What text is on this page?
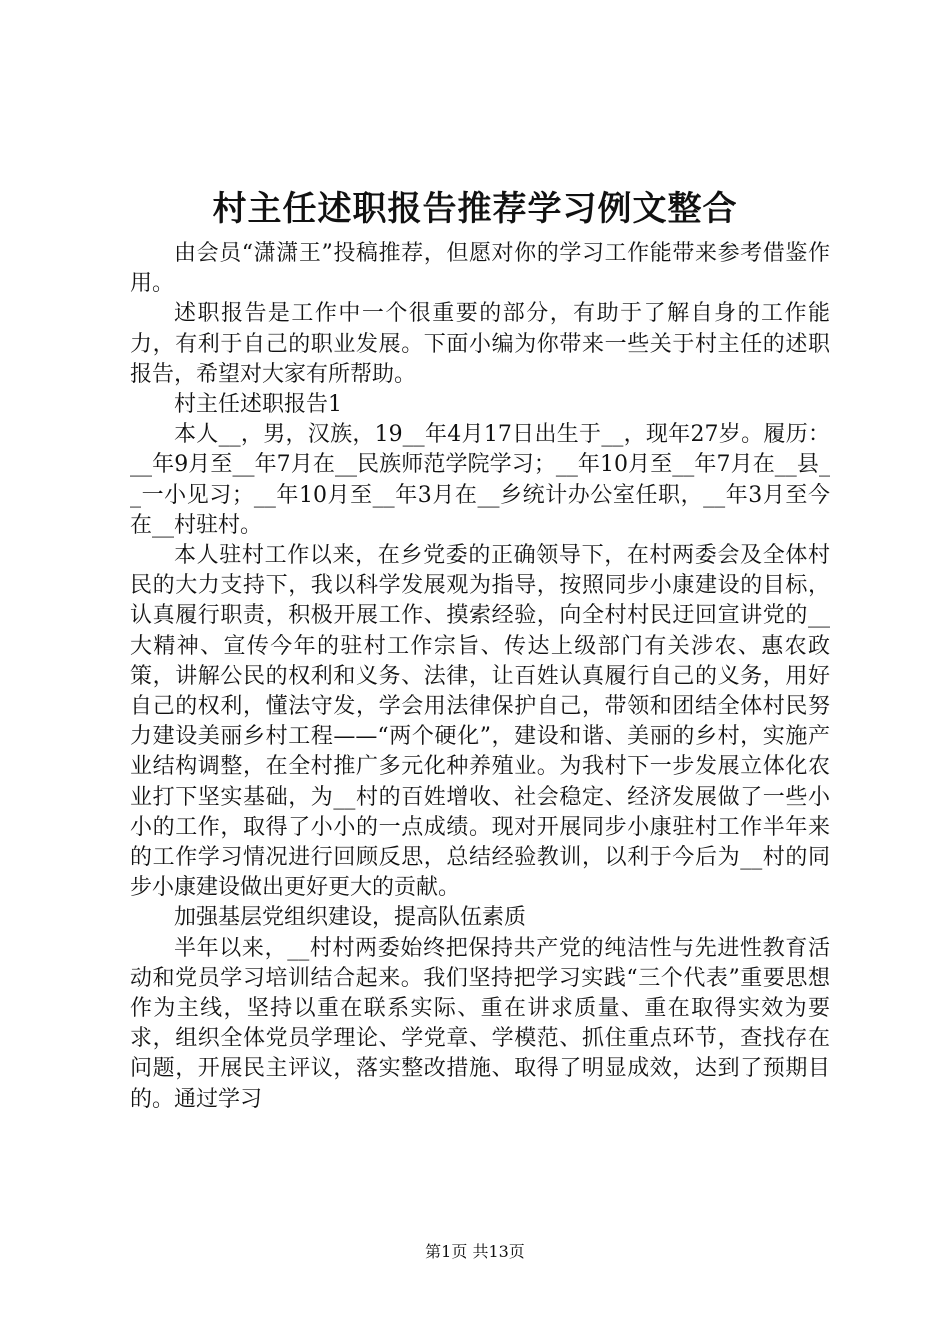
村主任述职报告推荐学习例文整合

由会员“潇潇王”投稿推荐，但愿对你的学习工作能带来参考借鉴作用。

述职报告是工作中一个很重要的部分，有助于了解自身的工作能力，有利于自己的职业发展。下面小编为你带来一些关于村主任的述职报告，希望对大家有所帮助。

村主任述职报告1

本人__，男，汉族，19__年4月17日出生于__，现年27岁。履历：__年9月至__年7月在__民族师范学院学习；__年10月至__年7月在__县__一小见习；__年10月至__年3月在__乡统计办公室任职，__年3月至今在__村驻村。

本人驻村工作以来，在乡党委的正确领导下，在村两委会及全体村民的大力支持下，我以科学发展观为指导，按照同步小康建设的目标，认真履行职责，积极开展工作、摸索经验，向全村村民迂回宣讲党的__大精神、宣传今年的驻村工作宗旨、传达上级部门有关涉农、惠农政策，讲解公民的权利和义务、法律，让百姓认真履行自己的义务，用好自己的权利，懂法守发，学会用法律保护自己，带领和团结全体村民努力建设美丽乡村工程——“两个硬化”，建设和谐、美丽的乡村，实施产业结构调整，在全村推广多元化种养殖业。为我村下一步发展立体化农业打下坚实基础，为__村的百姓增收、社会稳定、经济发展做了一些小小的工作，取得了小小的一点成绩。现对开展同步小康驻村工作半年来的工作学习情况进行回顾反思，总结经验教训，以利于今后为__村的同步小康建设做出更好更大的贡献。

加强基层党组织建设，提高队伍素质

半年以来，__村村两委始终把保持共产党的纯洁性与先进性教育活动和党员学习培训结合起来。我们坚持把学习实践“三个代表”重要思想作为主线，坚持以重在联系实际、重在讲求质量、重在取得实效为要求，组织全体党员学理论、学党章、学模范、抓住重点环节，查找存在问题，开展民主评议，落实整改措施、取得了明显成效，达到了预期目的。通过学习

第1页 共13页
